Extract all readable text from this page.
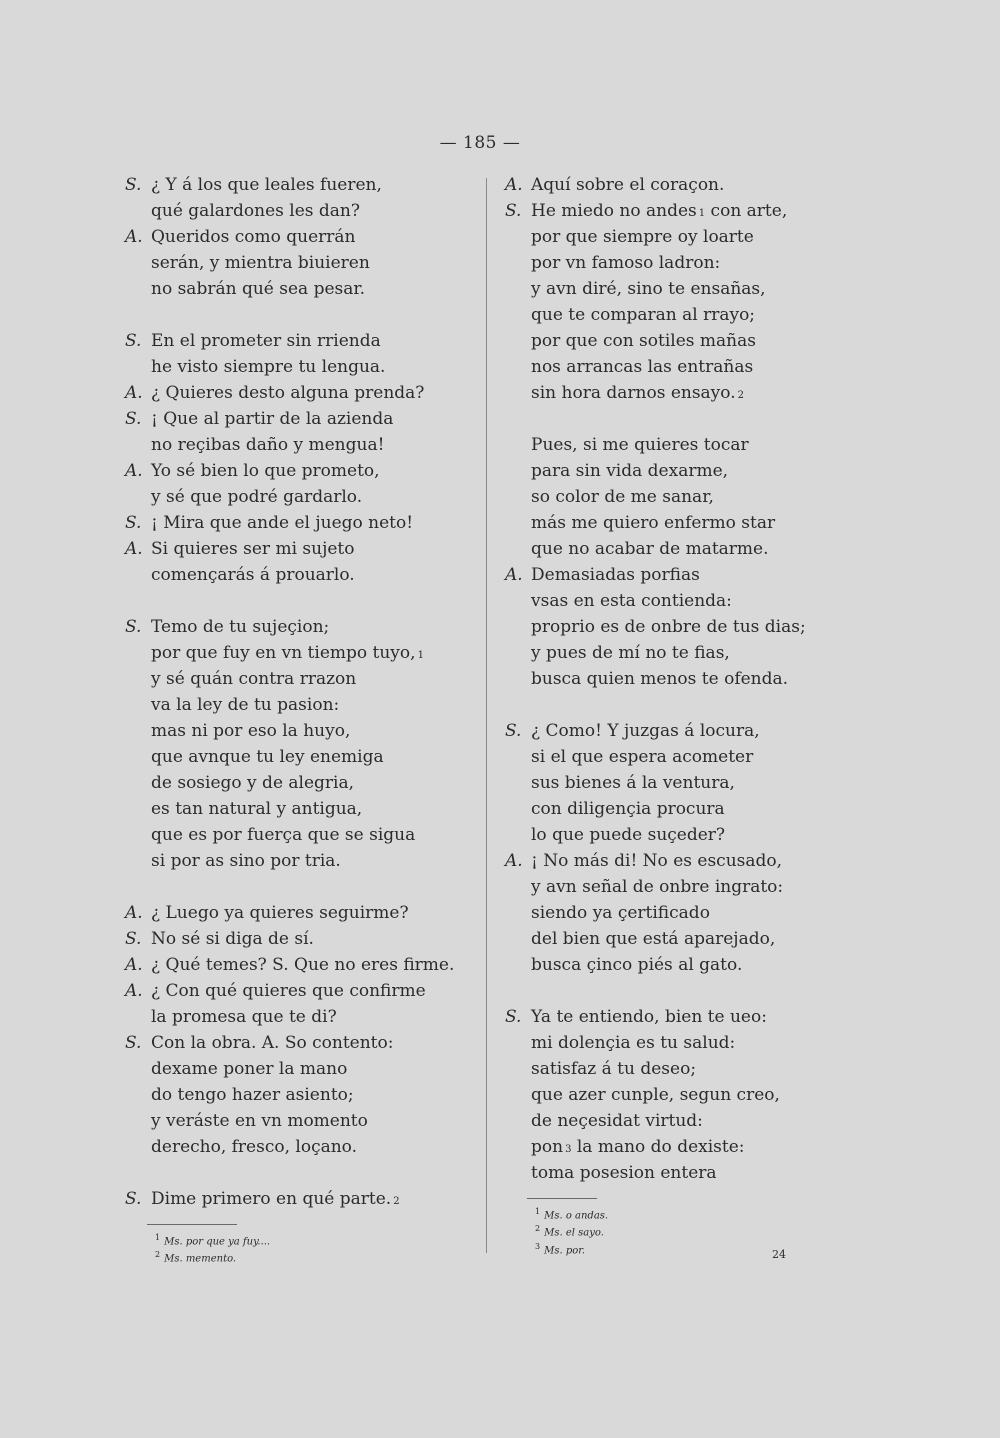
— 185 —
S. ¿ Y á los que leales fueren,
qué galardones les dan?
A. Queridos como querrán
serán, y mientra biuieren
no sabrán qué sea pesar.
S. En el prometer sin rrienda
he visto siempre tu lengua.
A. ¿ Quieres desto alguna prenda?
S. ¡ Que al partir de la azienda
no reçibas daño y mengua!
A. Yo sé bien lo que prometo,
y sé que podré gardarlo.
S. ¡ Mira que ande el juego neto!
A. Si quieres ser mi sujeto
començarás á prouarlo.
S. Temo de tu sujeçion;
por que fuy en vn tiempo tuyo, 1
y sé quán contra rrazon
va la ley de tu pasion:
mas ni por eso la huyo,
que avnque tu ley enemiga
de sosiego y de alegria,
es tan natural y antigua,
que es por fuerça que se sigua
si por as sino por tria.
A. ¿ Luego ya quieres seguirme?
S. No sé si diga de sí.
A. ¿ Qué temes? S. Que no eres firme.
A. ¿ Con qué quieres que confirme
la promesa que te di?
S. Con la obra. A. So contento:
dexame poner la mano
do tengo hazer asiento;
y veráste en vn momento
derecho, fresco, loçano.
S. Dime primero en qué parte. 2
$^1$ Ms. por que ya fuy....
$^2$ Ms. memento.
A. Aquí sobre el coraçon.
S. He miedo no andes 1 con arte,
por que siempre oy loarte
por vn famoso ladron:
y avn diré, sino te ensañas,
que te comparan al rrayo;
por que con sotiles mañas
nos arrancas las entrañas
sin hora darnos ensayo. 2
Pues, si me quieres tocar
para sin vida dexarme,
so color de me sanar,
más me quiero enfermo star
que no acabar de matarme.
A. Demasiadas porfias
vsas en esta contienda:
proprio es de onbre de tus dias;
y pues de mí no te fias,
busca quien menos te ofenda.
S. ¿ Como! Y juzgas á locura,
si el que espera acometer
sus bienes á la ventura,
con diligençia procura
lo que puede suçeder?
A. ¡ No más di! No es escusado,
y avn señal de onbre ingrato:
siendo ya çertificado
del bien que está aparejado,
busca çinco piés al gato.
S. Ya te entiendo, bien te ueo:
mi dolençia es tu salud:
satisfaz á tu deseo;
que azer cunple, segun creo,
de neçesidat virtud:
pon 3 la mano do dexiste:
toma posesion entera
$^1$ Ms. o andas.
$^2$ Ms. el sayo.
$^3$ Ms. por.	24
